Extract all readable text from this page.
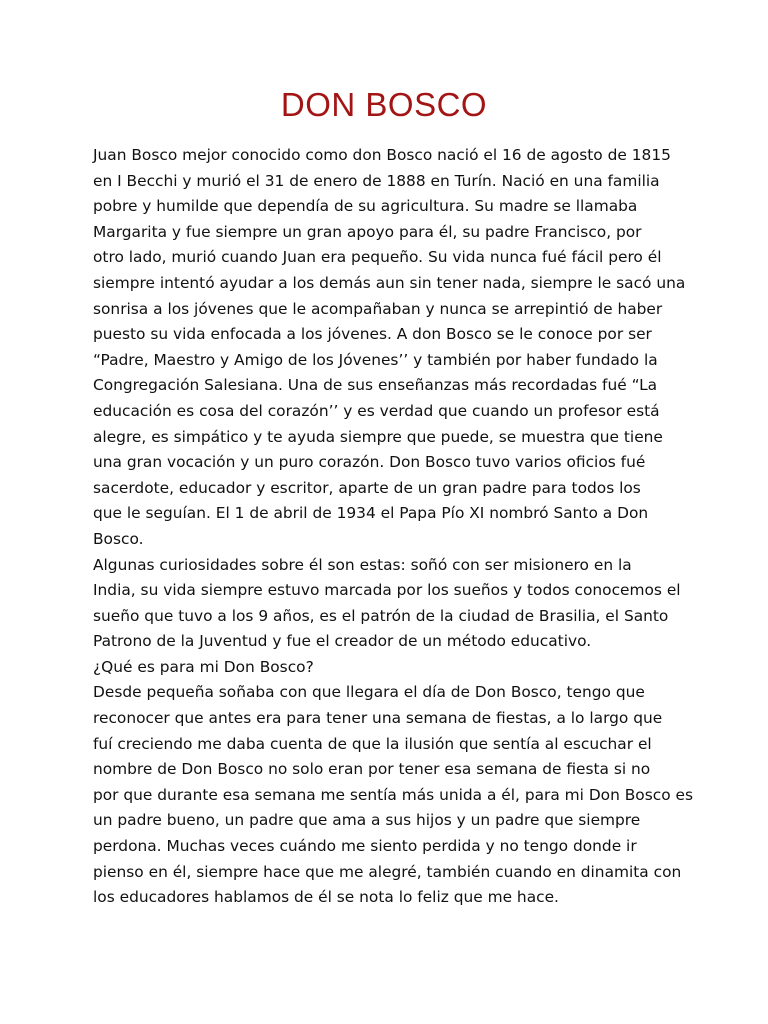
DON BOSCO
Juan Bosco mejor conocido como don Bosco nació el 16 de agosto de 1815
en I Becchi y murió el 31 de enero de 1888 en Turín. Nació en una familia
pobre y humilde que dependía de su agricultura. Su madre se llamaba
Margarita y fue siempre un gran apoyo para él, su padre Francisco, por
otro lado, murió cuando Juan era pequeño. Su vida nunca fué fácil pero él
siempre intentó ayudar a los demás aun sin tener nada, siempre le sacó una
sonrisa a los jóvenes que le acompañaban y nunca se arrepintió de haber
puesto su vida enfocada a los jóvenes. A don Bosco se le conoce por ser
“Padre, Maestro y Amigo de los Jóvenes’’ y también por haber fundado la
Congregación Salesiana. Una de sus enseñanzas más recordadas fué “La
educación es cosa del corazón’’ y es verdad que cuando un profesor está
alegre, es simpático y te ayuda siempre que puede, se muestra que tiene
una gran vocación y un puro corazón. Don Bosco tuvo varios oficios fué
sacerdote, educador y escritor, aparte de un gran padre para todos los
que le seguían. El 1 de abril de 1934 el Papa Pío XI nombró Santo a Don
Bosco.
Algunas curiosidades sobre él son estas: soñó con ser misionero en la
India, su vida siempre estuvo marcada por los sueños y todos conocemos el
sueño que tuvo a los 9 años, es el patrón de la ciudad de Brasilia, el Santo
Patrono de la Juventud y fue el creador de un método educativo.
¿Qué es para mi Don Bosco?
Desde pequeña soñaba con que llegara el día de Don Bosco, tengo que
reconocer que antes era para tener una semana de fiestas, a lo largo que
fuí creciendo me daba cuenta de que la ilusión que sentía al escuchar el
nombre de Don Bosco no solo eran por tener esa semana de fiesta si no
por que durante esa semana me sentía más unida a él, para mi Don Bosco es
un padre bueno, un padre que ama a sus hijos y un padre que siempre
perdona. Muchas veces cuándo me siento perdida y no tengo donde ir
pienso en él, siempre hace que me alegré, también cuando en dinamita con
los educadores hablamos de él se nota lo feliz que me hace.
